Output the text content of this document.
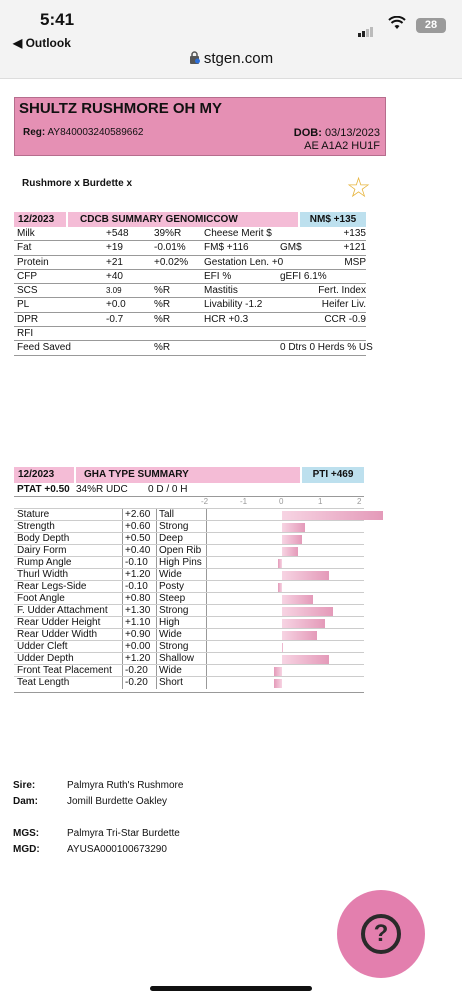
5:41
◀ Outlook
28
stgen.com
SHULTZ RUSHMORE OH MY
Reg: AY840003240589662	DOB: 03/13/2023
AE A1A2 HU1F
Rushmore x Burdette x	☆
12/2023	CDCB SUMMARY GENOMICCOW	NM$ +135
Milk	+548	39%R Cheese Merit $	+135
Fat	+19	-0.01% FM$ +116	GM$	+121
Protein	+21	+0.02% Gestation Len. +0	MSP
CFP	+40	EFI %	gEFI 6.1%
SCS	3.09	%R	Mastitis	Fert. Index
PL	+0.0	%R	Livability -1.2	Heifer Liv.
DPR	-0.7	%R	HCR +0.3	CCR -0.9
RFI
Feed Saved	%R	0 Dtrs 0 Herds % US
12/2023	GHA TYPE SUMMARY	PTI +469
PTAT +0.50 34%R UDC 0 D / 0 H
-2	-1	0	1	2
Stature	+2.60 Tall
Strength	+0.60 Strong
Body Depth	+0.50 Deep
Dairy Form	+0.40 Open Rib
Rump Angle	-0.10 High Pins
Thurl Width	+1.20 Wide
Rear Legs-Side	-0.10 Posty
Foot Angle	+0.80 Steep
F. Udder Attachment +1.30 Strong
Rear Udder Height +1.10 High
Rear Udder Width	+0.90 Wide
Udder Cleft	+0.00 Strong
Udder Depth	+1.20 Shallow
Front Teat Placement -0.20 Wide
Teat Length	-0.20 Short
Sire:	Palmyra Ruth's Rushmore
Dam:	Jomill Burdette Oakley
MGS:	Palmyra Tri-Star Burdette
MGD:	AYUSA000100673290
?
